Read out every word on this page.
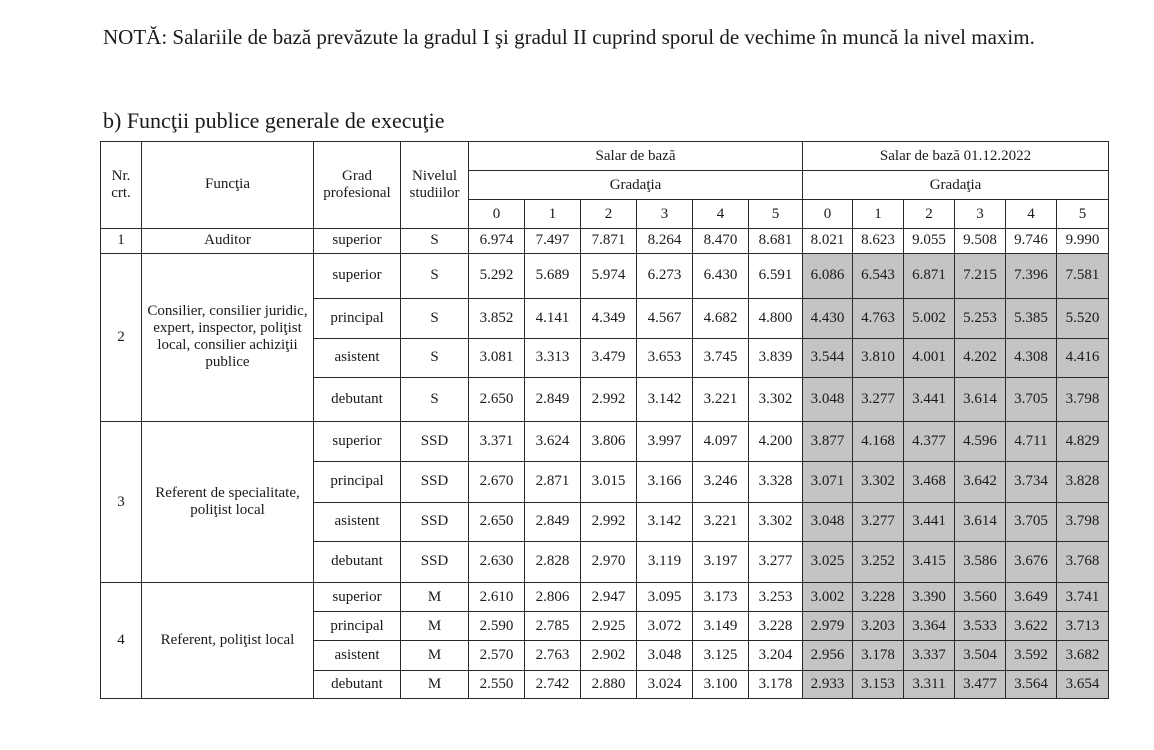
NOTĂ: Salariile de bază prevăzute la gradul I şi gradul II cuprind sporul de vechime în muncă la nivel maxim.
b) Funcţii publice generale de execuţie
Nr. crt.	Funcţia	Grad profesional	Nivelul studiilor	Salar de bază						Salar de bază 01.12.2022					
				Gradaţia						Gradaţia					
				0	1	2	3	4	5	0	1	2	3	4	5
1	Auditor	superior	S	6.974	7.497	7.871	8.264	8.470	8.681	8.021	8.623	9.055	9.508	9.746	9.990
2	Consilier, consilier juridic, expert, inspector, poliţist local, consilier achiziţii publice	superior	S	5.292	5.689	5.974	6.273	6.430	6.591	6.086	6.543	6.871	7.215	7.396	7.581
		principal	S	3.852	4.141	4.349	4.567	4.682	4.800	4.430	4.763	5.002	5.253	5.385	5.520
		asistent	S	3.081	3.313	3.479	3.653	3.745	3.839	3.544	3.810	4.001	4.202	4.308	4.416
		debutant	S	2.650	2.849	2.992	3.142	3.221	3.302	3.048	3.277	3.441	3.614	3.705	3.798
3	Referent de specialitate, poliţist local	superior	SSD	3.371	3.624	3.806	3.997	4.097	4.200	3.877	4.168	4.377	4.596	4.711	4.829
		principal	SSD	2.670	2.871	3.015	3.166	3.246	3.328	3.071	3.302	3.468	3.642	3.734	3.828
		asistent	SSD	2.650	2.849	2.992	3.142	3.221	3.302	3.048	3.277	3.441	3.614	3.705	3.798
		debutant	SSD	2.630	2.828	2.970	3.119	3.197	3.277	3.025	3.252	3.415	3.586	3.676	3.768
4	Referent, poliţist local	superior	M	2.610	2.806	2.947	3.095	3.173	3.253	3.002	3.228	3.390	3.560	3.649	3.741
		principal	M	2.590	2.785	2.925	3.072	3.149	3.228	2.979	3.203	3.364	3.533	3.622	3.713
		asistent	M	2.570	2.763	2.902	3.048	3.125	3.204	2.956	3.178	3.337	3.504	3.592	3.682
		debutant	M	2.550	2.742	2.880	3.024	3.100	3.178	2.933	3.153	3.311	3.477	3.564	3.654
